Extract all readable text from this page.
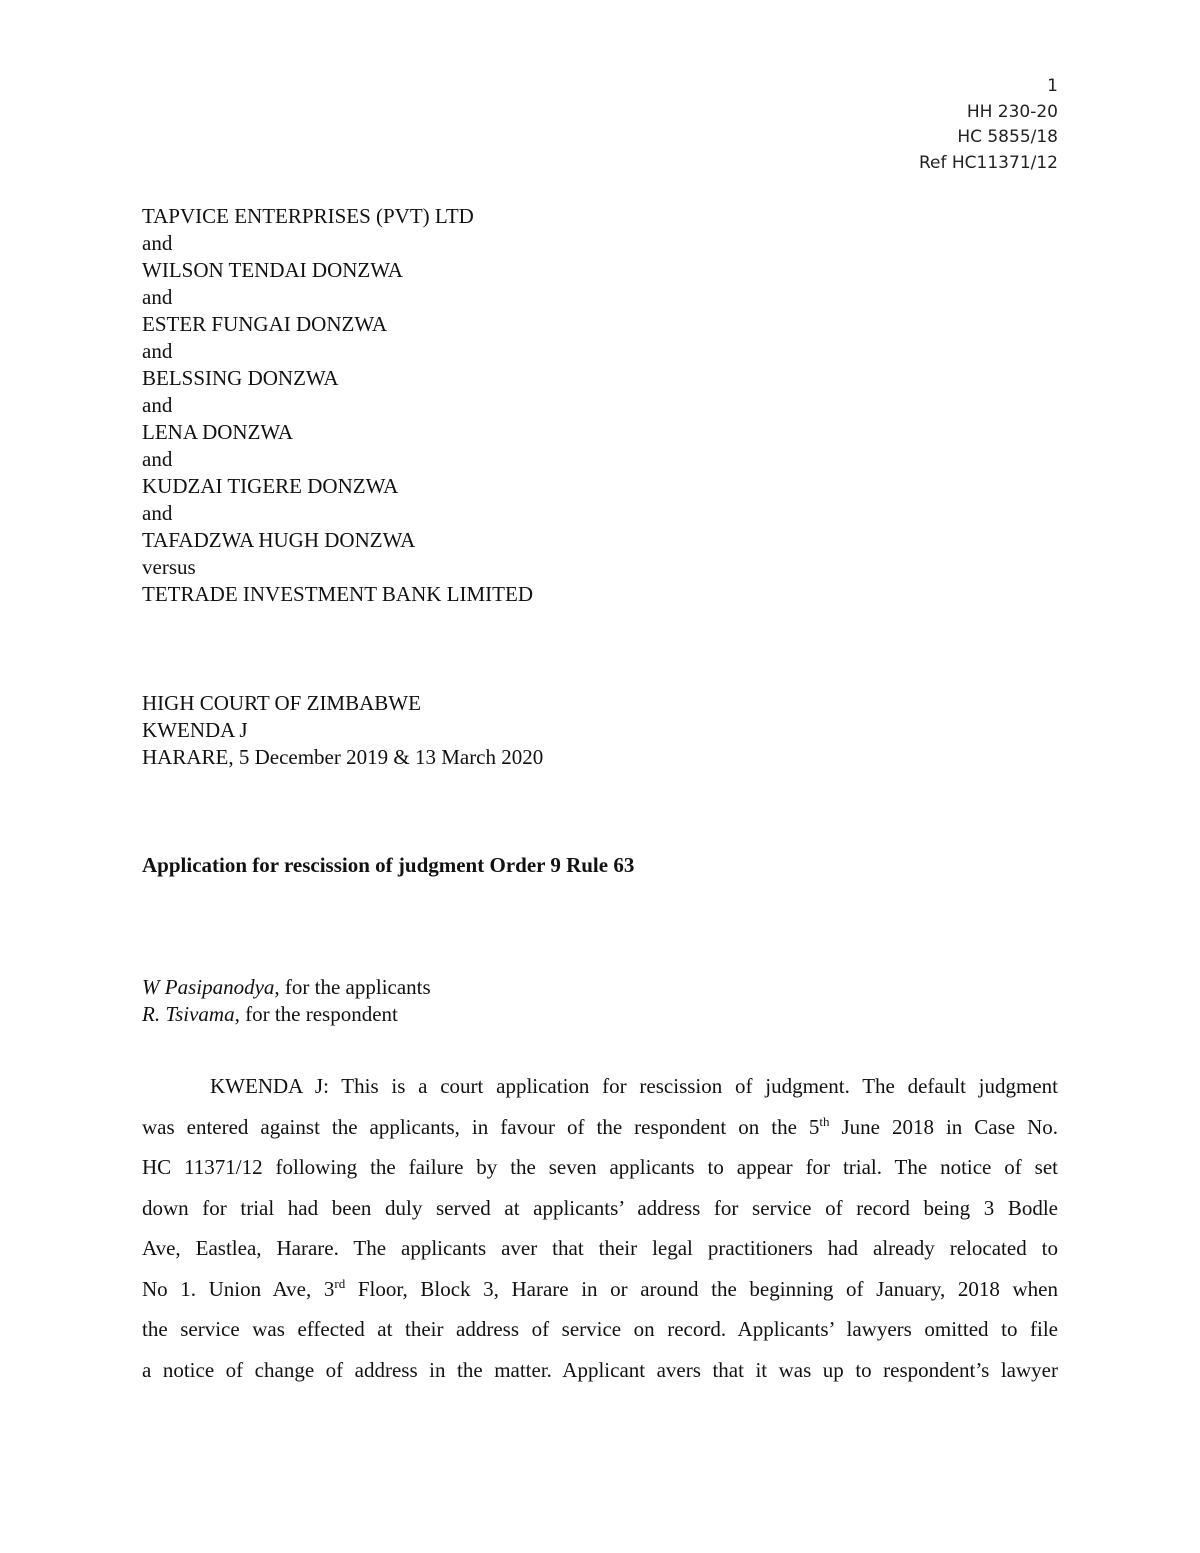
1
HH 230-20
HC 5855/18
Ref HC11371/12
TAPVICE ENTERPRISES (PVT) LTD
and
WILSON TENDAI DONZWA
and
ESTER FUNGAI DONZWA
and
BELSSING DONZWA
and
LENA DONZWA
and
KUDZAI TIGERE DONZWA
and
TAFADZWA HUGH DONZWA
versus
TETRADE INVESTMENT BANK LIMITED
HIGH COURT OF ZIMBABWE
KWENDA J
HARARE, 5 December 2019 & 13 March 2020
Application for rescission of judgment Order 9 Rule 63
W Pasipanodya, for the applicants
R. Tsivama, for the respondent
KWENDA J: This is a court application for rescission of judgment. The default judgment
was entered against the applicants, in favour of the respondent on the 5th June 2018 in Case No.
HC 11371/12 following the failure by the seven applicants to appear for trial. The notice of set
down for trial had been duly served at applicants’ address for service of record being 3 Bodle
Ave, Eastlea, Harare. The applicants aver that their legal practitioners had already relocated to
No 1. Union Ave, 3rd Floor, Block 3, Harare in or around the beginning of January, 2018 when
the service was effected at their address of service on record. Applicants’ lawyers omitted to file
a notice of change of address in the matter. Applicant avers that it was up to respondent’s lawyer
